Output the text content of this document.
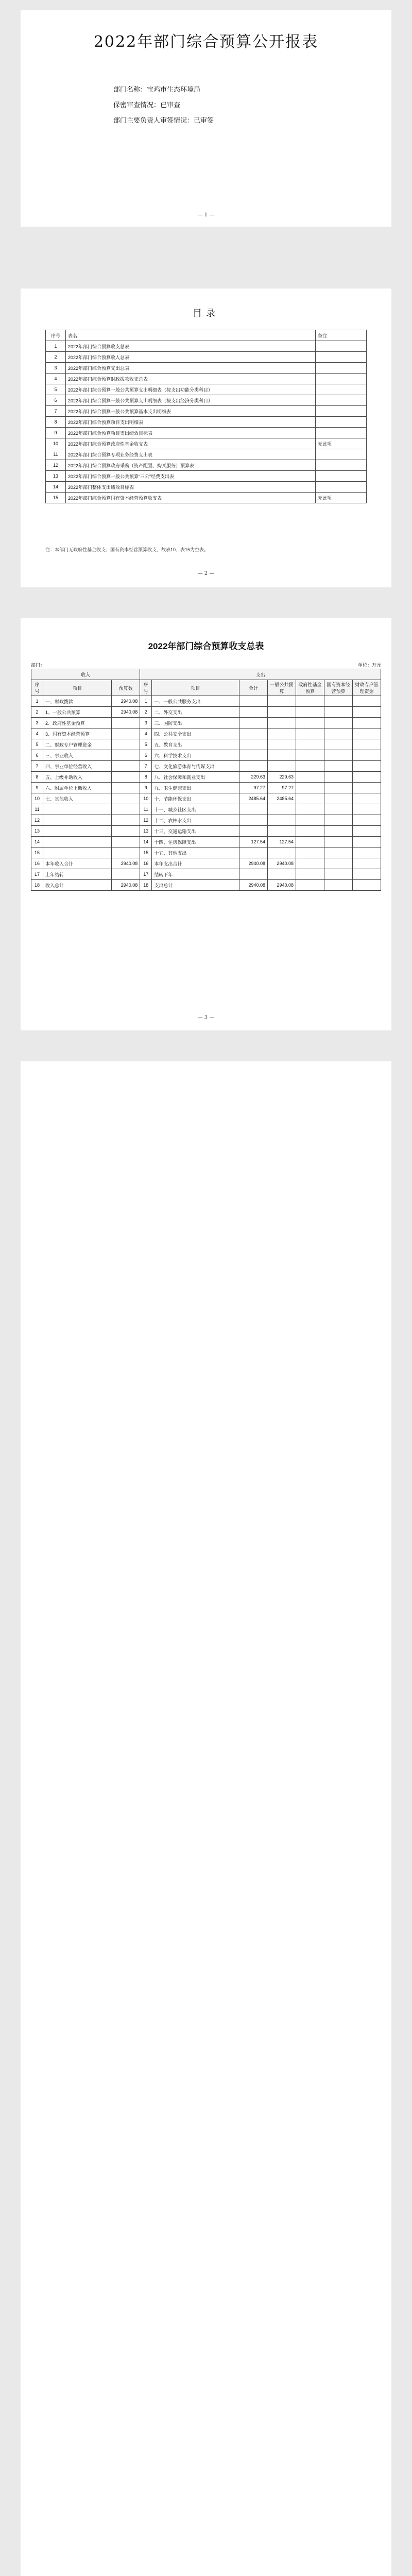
2022年部门综合预算公开报表
部门名称：宝鸡市生态环境局
保密审查情况：已审查
部门主要负责人审签情况：已审签
— 1 —
目录
序号	表名	备注
1	2022年部门综合预算收支总表	
2	2022年部门综合预算收入总表	
3	2022年部门综合预算支出总表	
4	2022年部门综合预算财政拨款收支总表	
5	2022年部门综合预算一般公共预算支出明细表（按支出功能分类科目）	
6	2022年部门综合预算一般公共预算支出明细表（按支出经济分类科目）	
7	2022年部门综合预算一般公共预算基本支出明细表	
8	2022年部门综合预算项目支出明细表	
9	2022年部门综合预算项目支出绩效目标表	
10	2022年部门综合预算政府性基金收支表	无此项
11	2022年部门综合预算专项业务经费支出表	
12	2022年部门综合预算政府采购（资产配置、购买服务）预算表	
13	2022年部门综合预算一般公共预算“三公”经费支出表	
14	2022年部门整体支出绩效目标表	
15	2022年部门综合预算国有资本经营预算收支表	无此项
注：本部门无政府性基金收支、国有资本经营预算收支，故表10、表15为空表。
— 2 —
2022年部门综合预算收支总表
部门：	单位：万元
收入			支出						
序号	项目	预算数	序号	项目	合计	一般公共预算	政府性基金预算	国有资本经营预算	财政专户管理资金
1	一、财政拨款	2940.08	1	一、一般公共服务支出					
2	1、一般公共预算	2940.08	2	二、外交支出					
3	2、政府性基金预算		3	三、国防支出					
4	3、国有资本经营预算		4	四、公共安全支出					
5	二、财政专户管理资金		5	五、教育支出					
6	三、事业收入		6	六、科学技术支出					
7	四、事业单位经营收入		7	七、文化旅游体育与传媒支出					
8	五、上级补助收入		8	八、社会保障和就业支出	229.63	229.63			
9	六、附属单位上缴收入		9	九、卫生健康支出	97.27	97.27			
10	七、其他收入		10	十、节能环保支出	2485.64	2485.64			
11			11	十一、城乡社区支出					
12			12	十二、农林水支出					
13			13	十三、交通运输支出					
14			14	十四、住房保障支出	127.54	127.54			
15			15	十五、其他支出					
16	本年收入合计	2940.08	16	本年支出合计	2940.08	2940.08			
17	上年结转		17	结转下年					
18	收入总计	2940.08	18	支出总计	2940.08	2940.08			
— 3 —
